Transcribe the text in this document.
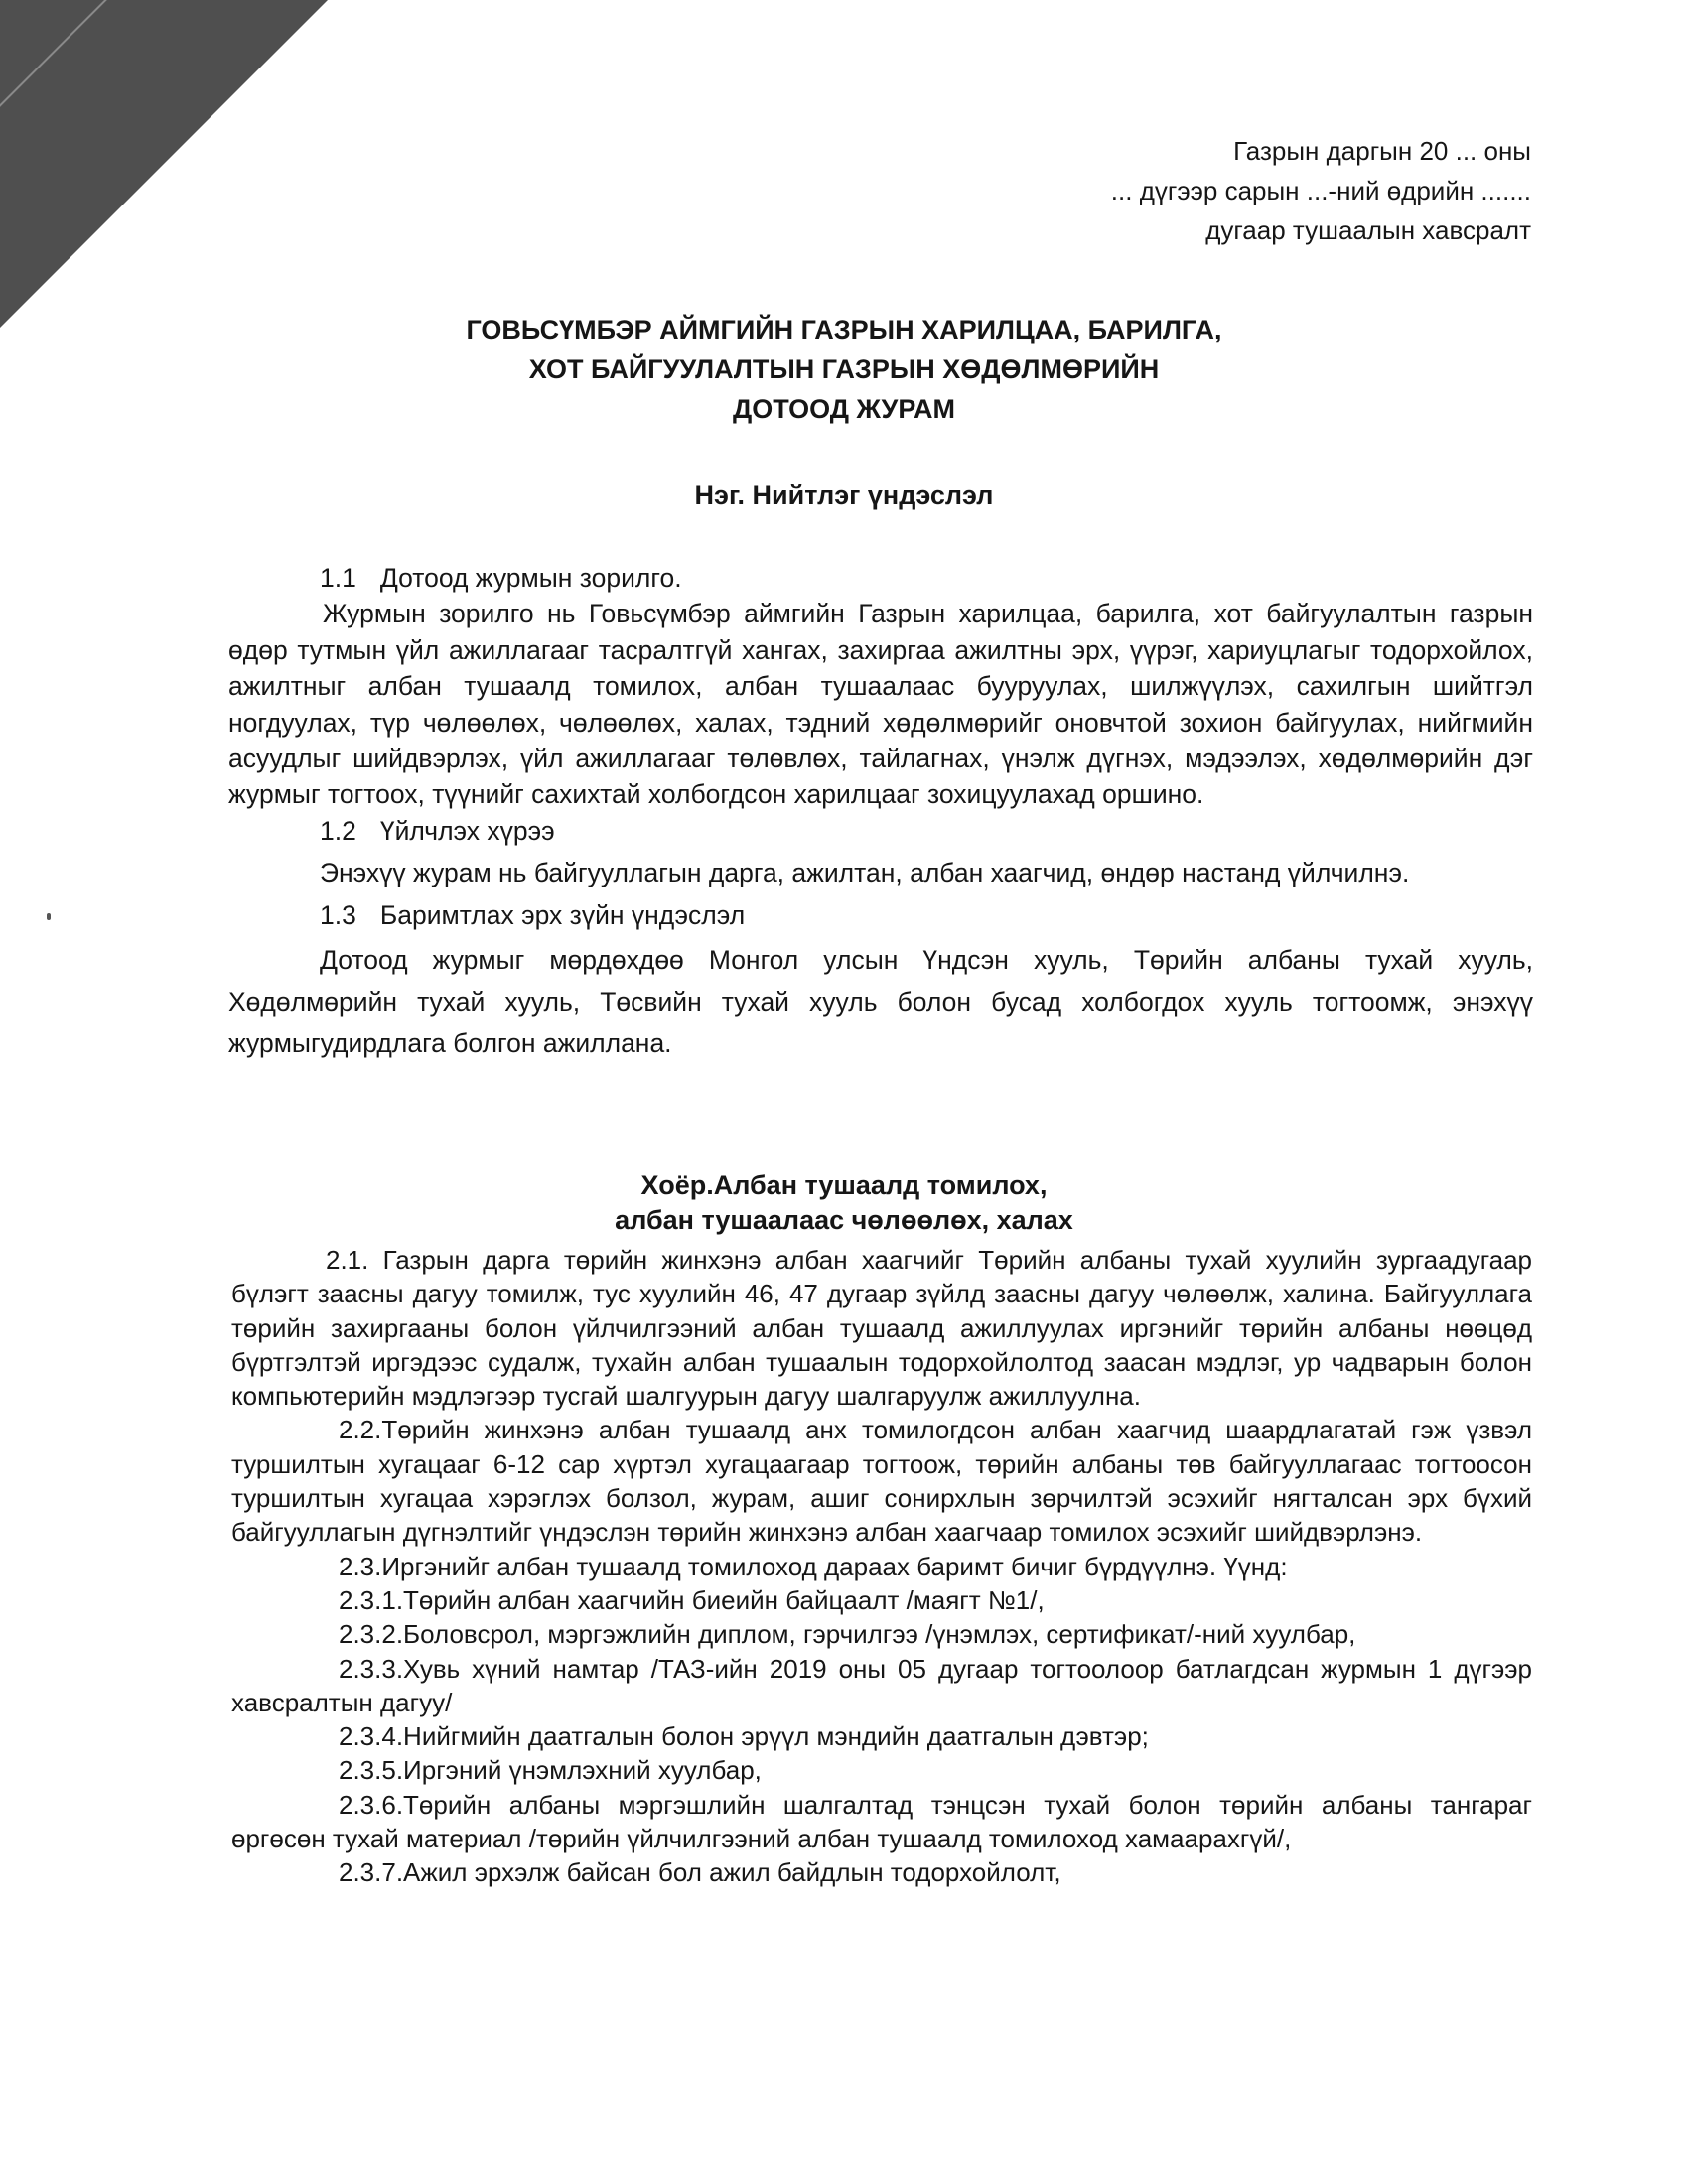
Газрын даргын 20 ... оны
... дүгээр сарын ...-ний өдрийн .......
дугаар тушаалын хавсралт
ГОВЬСҮМБЭР АЙМГИЙН ГАЗРЫН ХАРИЛЦАА, БАРИЛГА,
ХОТ БАЙГУУЛАЛТЫН ГАЗРЫН ХӨДӨЛМӨРИЙН
ДОТООД ЖУРАМ
Нэг. Нийтлэг үндэслэл

1.1 Дотоод журмын зорилго.

Журмын зорилго нь Говьсүмбэр аймгийн Газрын харилцаа, барилга, хот байгуулалтын газрын өдөр тутмын үйл ажиллагааг тасралтгүй хангах, захиргаа ажилтны эрх, үүрэг, хариуцлагыг тодорхойлох, ажилтныг албан тушаалд томилох, албан тушаалаас бууруулах, шилжүүлэх, сахилгын шийтгэл ногдуулах, түр чөлөөлөх, чөлөөлөх, халах, тэдний хөдөлмөрийг оновчтой зохион байгуулах, нийгмийн асуудлыг шийдвэрлэх, үйл ажиллагааг төлөвлөх, тайлагнах, үнэлж дүгнэх, мэдээлэх, хөдөлмөрийн дэг журмыг тогтоох, түүнийг сахихтай холбогдсон харилцааг зохицуулахад оршино.

1.2 Үйлчлэх хүрээ

Энэхүү журам нь байгууллагын дарга, ажилтан, албан хаагчид, өндөр настанд үйлчилнэ.

1.3 Баримтлах эрх зүйн үндэслэл

Дотоод журмыг мөрдөхдөө Монгол улсын Үндсэн хууль, Төрийн албаны тухай хууль, Хөдөлмөрийн тухай хууль, Төсвийн тухай хууль болон бусад холбогдох хууль тогтоомж, энэхүү журмыгудирдлага болгон ажиллана.

Хоёр.Албан тушаалд томилох,
албан тушаалаас чөлөөлөх, халах

2.1. Газрын дарга төрийн жинхэнэ албан хаагчийг Төрийн албаны тухай хуулийн зургаадугаар бүлэгт заасны дагуу томилж, тус хуулийн 46, 47 дугаар зүйлд заасны дагуу чөлөөлж, халина. Байгууллага төрийн захиргааны болон үйлчилгээний албан тушаалд ажиллуулах иргэнийг төрийн албаны нөөцөд бүртгэлтэй иргэдээс судалж, тухайн албан тушаалын тодорхойлолтод заасан мэдлэг, ур чадварын болон компьютерийн мэдлэгээр тусгай шалгуурын дагуу шалгаруулж ажиллуулна.

2.2.Төрийн жинхэнэ албан тушаалд анх томилогдсон албан хаагчид шаардлагатай гэж үзвэл туршилтын хугацааг 6-12 сар хүртэл хугацаагаар тогтоож, төрийн албаны төв байгууллагаас тогтоосон туршилтын хугацаа хэрэглэх болзол, журам, ашиг сонирхлын зөрчилтэй эсэхийг нягталсан эрх бүхий байгууллагын дүгнэлтийг үндэслэн төрийн жинхэнэ албан хаагчаар томилох эсэхийг шийдвэрлэнэ.

2.3.Иргэнийг албан тушаалд томилоход дараах баримт бичиг бүрдүүлнэ. Үүнд:

2.3.1.Төрийн албан хаагчийн биеийн байцаалт /маягт №1/,

2.3.2.Боловсрол, мэргэжлийн диплом, гэрчилгээ /үнэмлэх, сертификат/-ний хуулбар,

2.3.3.Хувь хүний намтар /ТАЗ-ийн 2019 оны 05 дугаар тогтоолоор батлагдсан журмын 1 дүгээр хавсралтын дагуу/

2.3.4.Нийгмийн даатгалын болон эрүүл мэндийн даатгалын дэвтэр;

2.3.5.Иргэний үнэмлэхний хуулбар,

2.3.6.Төрийн албаны мэргэшлийн шалгалтад тэнцсэн тухай болон төрийн албаны тангараг өргөсөн тухай материал /төрийн үйлчилгээний албан тушаалд томилоход хамаарахгүй/,

2.3.7.Ажил эрхэлж байсан бол ажил байдлын тодорхойлолт,
